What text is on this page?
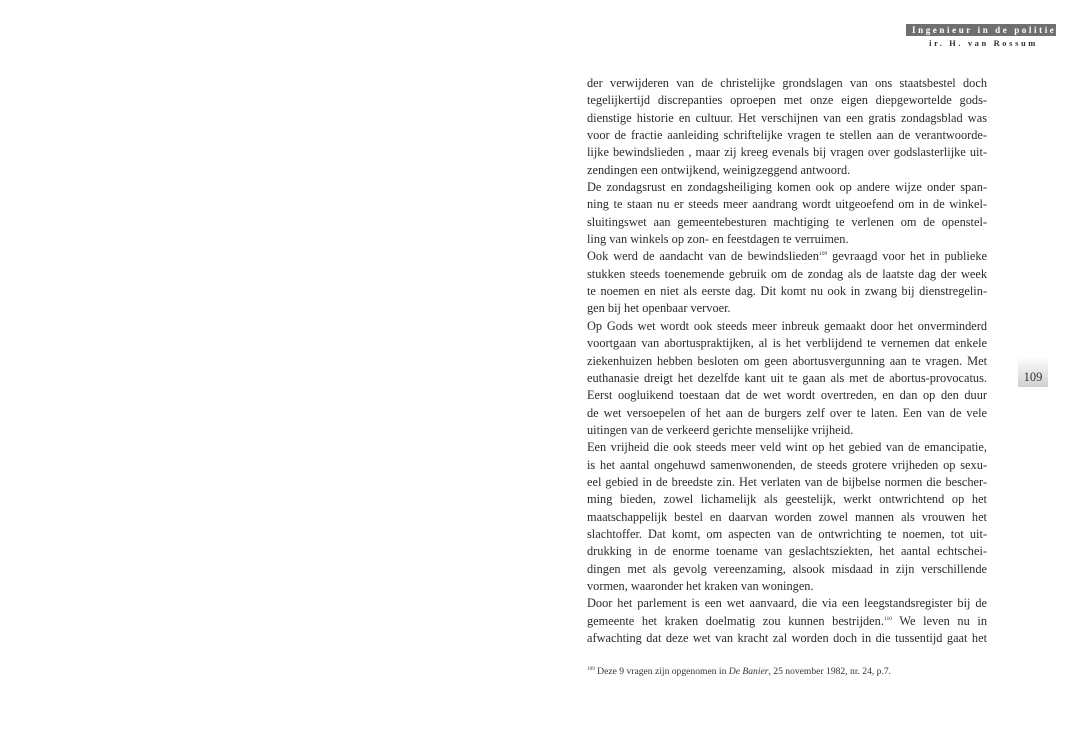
Ingenieur in de politiek
ir. H. van Rossum
der verwijderen van de christelijke grondslagen van ons staatsbestel doch
tegelijkertijd discrepanties oproepen met onze eigen diepgewortelde gods-
dienstige historie en cultuur. Het verschijnen van een gratis zondagsblad was
voor de fractie aanleiding schriftelijke vragen te stellen aan de verantwoorde-
lijke bewindslieden , maar zij kreeg evenals bij vragen over godslasterlijke uit-
zendingen een ontwijkend, weinigzeggend antwoord.
De zondagsrust en zondagsheiliging komen ook op andere wijze onder span-
ning te staan nu er steeds meer aandrang wordt uitgeoefend om in de winkel-
sluitingswet aan gemeentebesturen machtiging te verlenen om de openstel-
ling van winkels op zon- en feestdagen te verruimen.
Ook werd de aandacht van de bewindslieden$^{109}$ gevraagd voor het in publieke
stukken steeds toenemende gebruik om de zondag als de laatste dag der week
te noemen en niet als eerste dag. Dit komt nu ook in zwang bij dienstregelin-
gen bij het openbaar vervoer.
Op Gods wet wordt ook steeds meer inbreuk gemaakt door het onverminderd
voortgaan van abortuspraktijken, al is het verblijdend te vernemen dat enkele
ziekenhuizen hebben besloten om geen abortusvergunning aan te vragen. Met
euthanasie dreigt het dezelfde kant uit te gaan als met de abortus-provocatus.
Eerst oogluikend toestaan dat de wet wordt overtreden, en dan op den duur
de wet versoepelen of het aan de burgers zelf over te laten. Een van de vele
uitingen van de verkeerd gerichte menselijke vrijheid.
Een vrijheid die ook steeds meer veld wint op het gebied van de emancipatie,
is het aantal ongehuwd samenwonenden, de steeds grotere vrijheden op sexu-
eel gebied in de breedste zin. Het verlaten van de bijbelse normen die bescher-
ming bieden, zowel lichamelijk als geestelijk, werkt ontwrichtend op het
maatschappelijk bestel en daarvan worden zowel mannen als vrouwen het
slachtoffer. Dat komt, om aspecten van de ontwrichting te noemen, tot uit-
drukking in de enorme toename van geslachtsziekten, het aantal echtschei-
dingen met als gevolg vereenzaming, alsook misdaad in zijn verschillende
vormen, waaronder het kraken van woningen.
Door het parlement is een wet aanvaard, die via een leegstandsregister bij de
gemeente het kraken doelmatig zou kunnen bestrijden.$^{110}$ We leven nu in
afwachting dat deze wet van kracht zal worden doch in die tussentijd gaat het
109
$^{109}$ Deze 9 vragen zijn opgenomen in De Banier, 25 november 1982, nr. 24, p.7.
